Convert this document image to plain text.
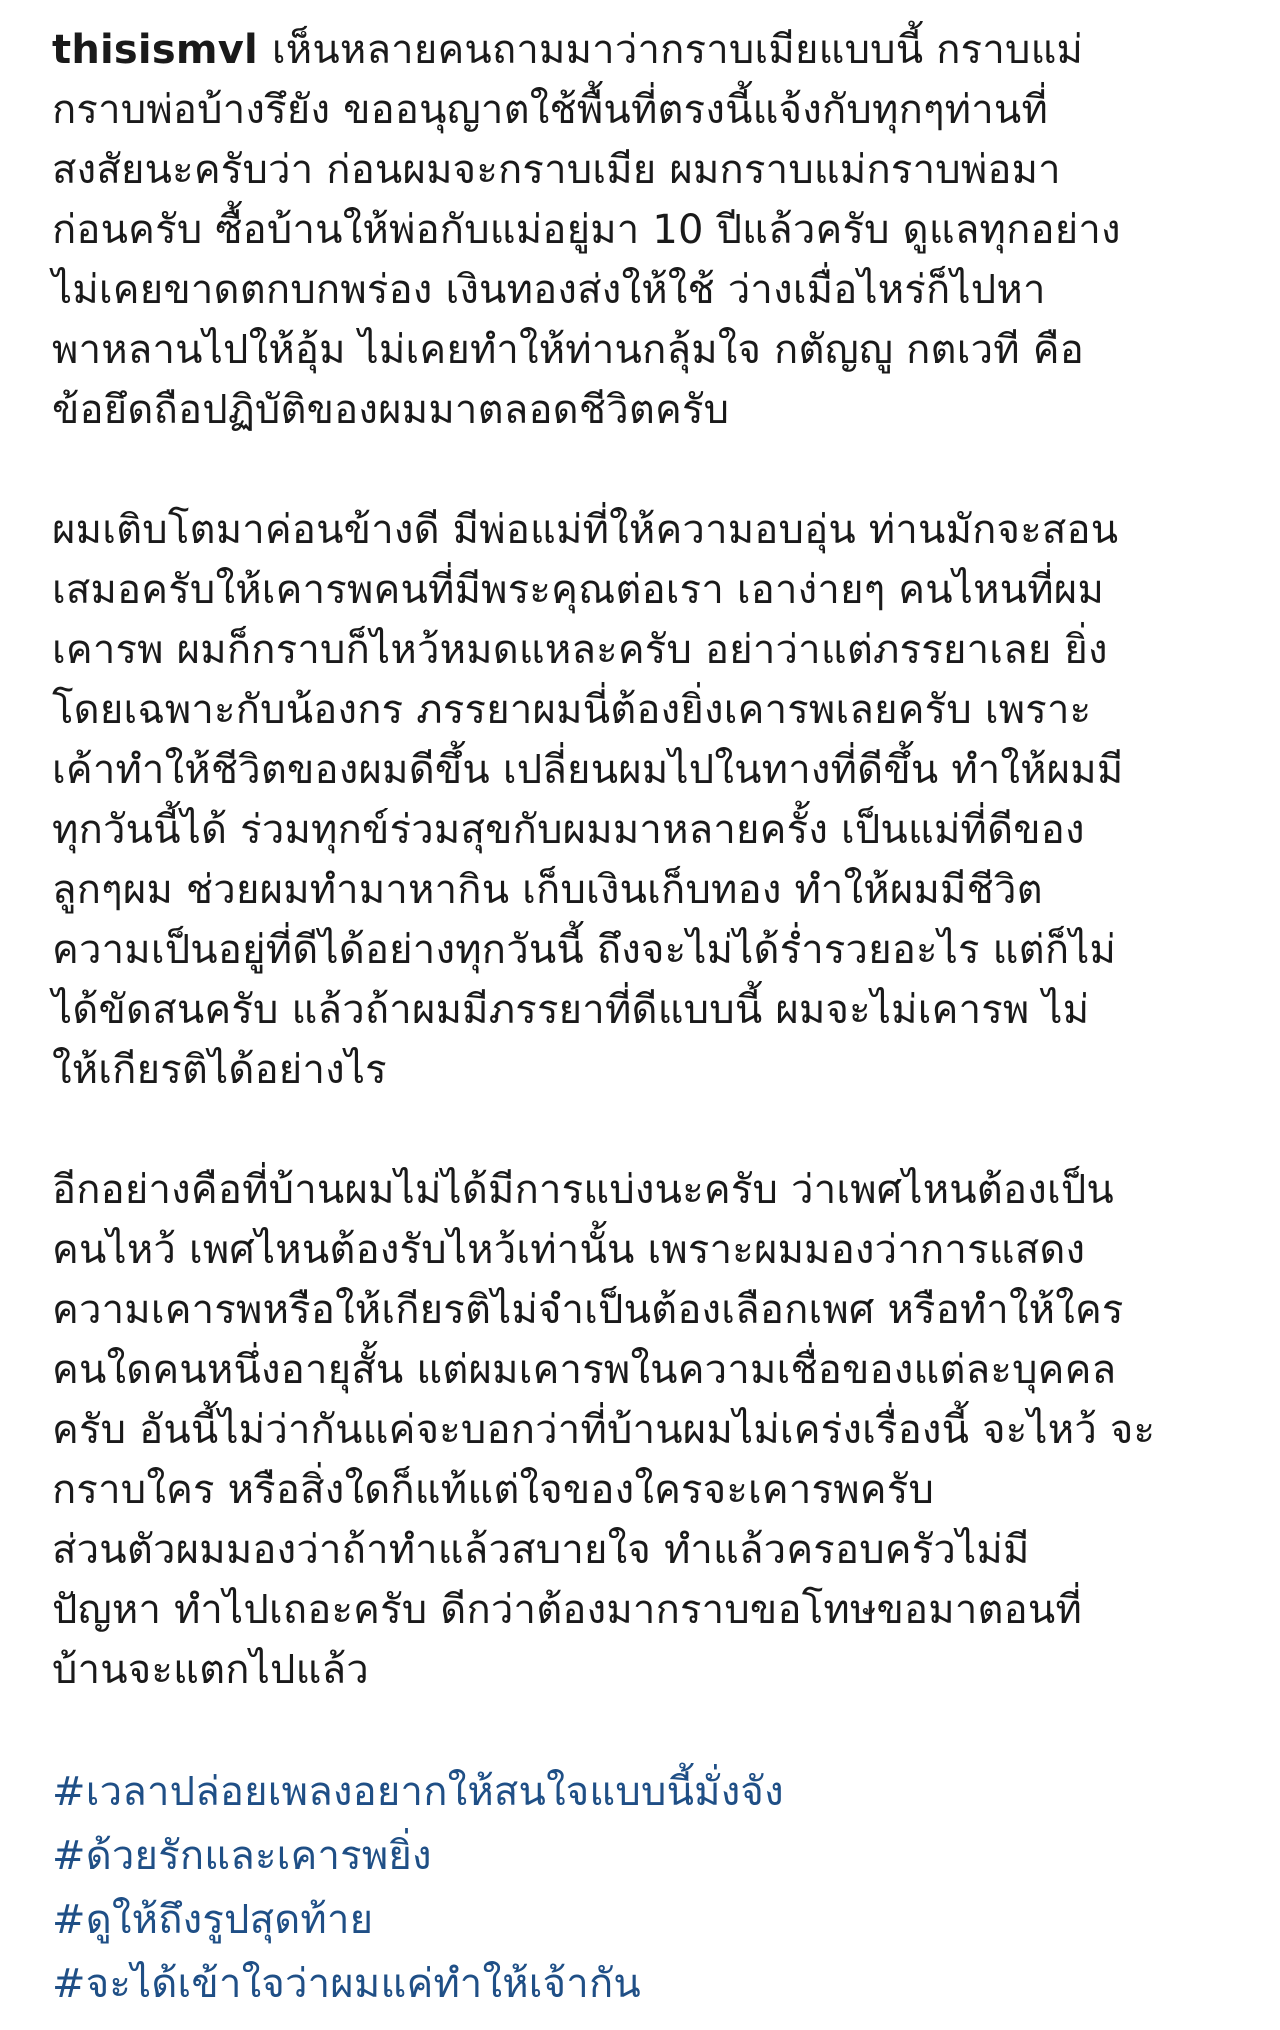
thisismvl เห็นหลายคนถามมาว่ากราบเมียแบบนี้ กราบแม่
กราบพ่อบ้างรึยัง ขออนุญาตใช้พื้นที่ตรงนี้แจ้งกับทุกๆท่านที่
สงสัยนะครับว่า ก่อนผมจะกราบเมีย ผมกราบแม่กราบพ่อมา
ก่อนครับ ซื้อบ้านให้พ่อกับแม่อยู่มา 10 ปีแล้วครับ ดูแลทุกอย่าง
ไม่เคยขาดตกบกพร่อง เงินทองส่งให้ใช้ ว่างเมื่อไหร่ก็ไปหา
พาหลานไปให้อุ้ม ไม่เคยทำให้ท่านกลุ้มใจ กตัญญู กตเวที คือ
ข้อยึดถือปฏิบัติของผมมาตลอดชีวิตครับ
ผมเติบโตมาค่อนข้างดี มีพ่อแม่ที่ให้ความอบอุ่น ท่านมักจะสอน
เสมอครับให้เคารพคนที่มีพระคุณต่อเรา เอาง่ายๆ คนไหนที่ผม
เคารพ ผมก็กราบก็ไหว้หมดแหละครับ อย่าว่าแต่ภรรยาเลย ยิ่ง
โดยเฉพาะกับน้องกร ภรรยาผมนี่ต้องยิ่งเคารพเลยครับ เพราะ
เค้าทำให้ชีวิตของผมดีขึ้น เปลี่ยนผมไปในทางที่ดีขึ้น ทำให้ผมมี
ทุกวันนี้ได้ ร่วมทุกข์ร่วมสุขกับผมมาหลายครั้ง เป็นแม่ที่ดีของ
ลูกๆผม ช่วยผมทำมาหากิน เก็บเงินเก็บทอง ทำให้ผมมีชีวิต
ความเป็นอยู่ที่ดีได้อย่างทุกวันนี้ ถึงจะไม่ได้ร่ำรวยอะไร แต่ก็ไม่
ได้ขัดสนครับ แล้วถ้าผมมีภรรยาที่ดีแบบนี้ ผมจะไม่เคารพ ไม่
ให้เกียรติได้อย่างไร
อีกอย่างคือที่บ้านผมไม่ได้มีการแบ่งนะครับ ว่าเพศไหนต้องเป็น
คนไหว้ เพศไหนต้องรับไหว้เท่านั้น เพราะผมมองว่าการแสดง
ความเคารพหรือให้เกียรติไม่จำเป็นต้องเลือกเพศ หรือทำให้ใคร
คนใดคนหนึ่งอายุสั้น แต่ผมเคารพในความเชื่อของแต่ละบุคคล
ครับ อันนี้ไม่ว่ากันแค่จะบอกว่าที่บ้านผมไม่เคร่งเรื่องนี้ จะไหว้ จะ
กราบใคร หรือสิ่งใดก็แท้แต่ใจของใครจะเคารพครับ
ส่วนตัวผมมองว่าถ้าทำแล้วสบายใจ ทำแล้วครอบครัวไม่มี
ปัญหา ทำไปเถอะครับ ดีกว่าต้องมากราบขอโทษขอมาตอนที่
บ้านจะแตกไปแล้ว
#เวลาปล่อยเพลงอยากให้สนใจแบบนี้มั่งจัง
#ด้วยรักและเคารพยิ่ง
#ดูให้ถึงรูปสุดท้าย
#จะได้เข้าใจว่าผมแค่ทำให้เจ้ากัน
